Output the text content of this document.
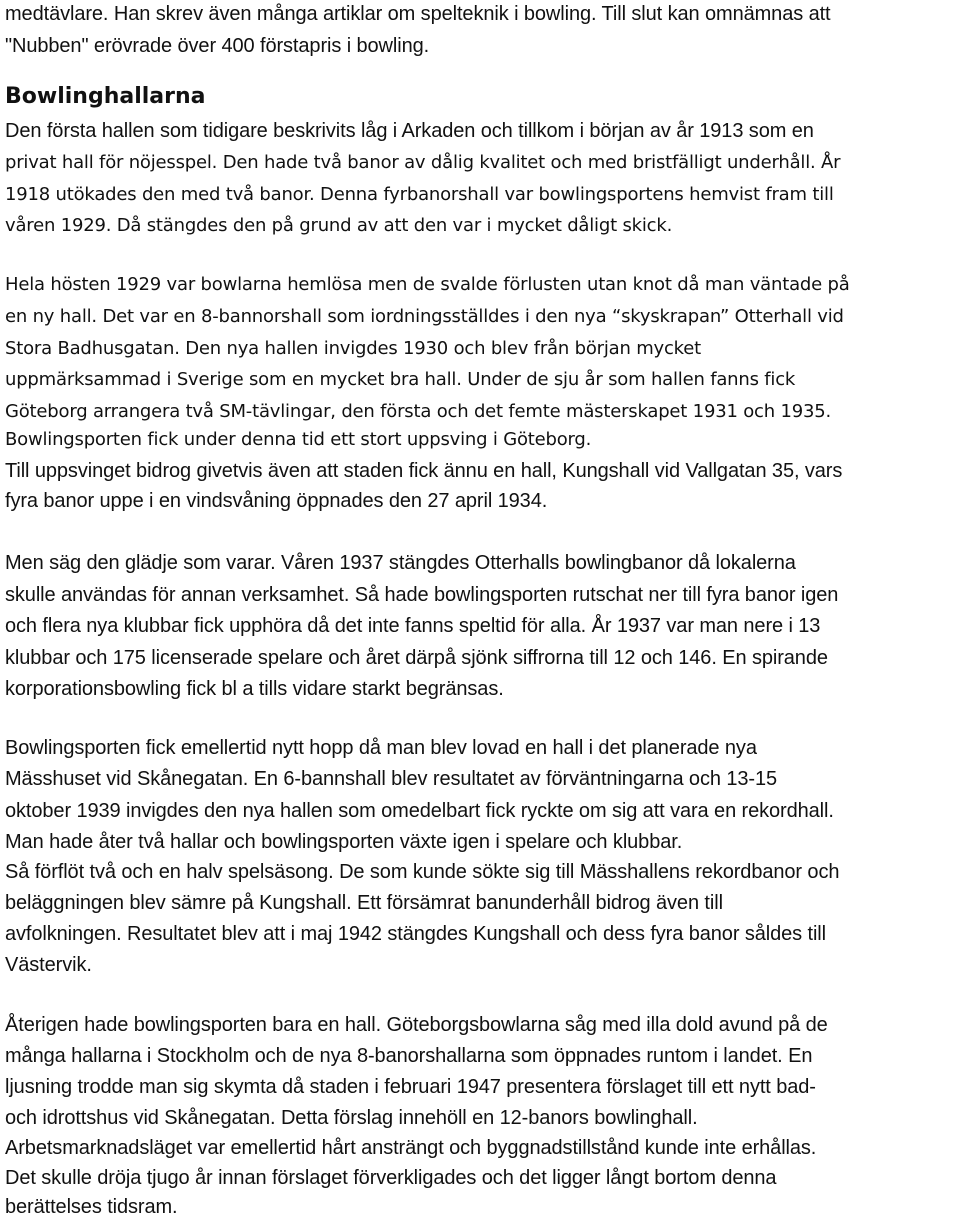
medtävlare. Han skrev även många artiklar om spelteknik i bowling. Till slut kan omnämnas att
"Nubben" erövrade över 400 förstapris i bowling.
Bowlinghallarna
Den första hallen som tidigare beskrivits låg i Arkaden och tillkom i början av år 1913 som en
privat hall för nöjesspel. Den hade två banor av dålig kvalitet och med bristfälligt underhåll. År
1918 utökades den med två banor. Denna fyrbanorshall var bowlingsportens hemvist fram till
våren 1929. Då stängdes den på grund av att den var i mycket dåligt skick.
Hela hösten 1929 var bowlarna hemlösa men de svalde förlusten utan knot då man väntade på
en ny hall. Det var en 8-bannorshall som iordningsställdes i den nya “skyskrapan” Otterhall vid
Stora Badhusgatan. Den nya hallen invigdes 1930 och blev från början mycket
uppmärksammad i Sverige som en mycket bra hall. Under de sju år som hallen fanns fick
Göteborg arrangera två SM-tävlingar, den första och det femte mästerskapet 1931 och 1935.
Bowlingsporten fick under denna tid ett stort uppsving i Göteborg.
Till uppsvinget bidrog givetvis även att staden fick ännu en hall, Kungshall vid Vallgatan 35, vars
fyra banor uppe i en vindsvåning öppnades den 27 april 1934.
Men säg den glädje som varar. Våren 1937 stängdes Otterhalls bowlingbanor då lokalerna
skulle användas för annan verksamhet. Så hade bowlingsporten rutschat ner till fyra banor igen
och flera nya klubbar fick upphöra då det inte fanns speltid för alla. År 1937 var man nere i 13
klubbar och 175 licenserade spelare och året därpå sjönk siffrorna till 12 och 146. En spirande
korporationsbowling fick bl a tills vidare starkt begränsas.
Bowlingsporten fick emellertid nytt hopp då man blev lovad en hall i det planerade nya
Mässhuset vid Skånegatan. En 6-bannshall blev resultatet av förväntningarna och 13-15
oktober 1939 invigdes den nya hallen som omedelbart fick ryckte om sig att vara en rekordhall.
Man hade åter två hallar och bowlingsporten växte igen i spelare och klubbar.
Så förflöt två och en halv spelsäsong. De som kunde sökte sig till Mässhallens rekordbanor och
beläggningen blev sämre på Kungshall. Ett försämrat banunderhåll bidrog även till
avfolkningen. Resultatet blev att i maj 1942 stängdes Kungshall och dess fyra banor såldes till
Västervik.
Återigen hade bowlingsporten bara en hall. Göteborgsbowlarna såg med illa dold avund på de
många hallarna i Stockholm och de nya 8-banorshallarna som öppnades runtom i landet. En
ljusning trodde man sig skymta då staden i februari 1947 presentera förslaget till ett nytt bad-
och idrottshus vid Skånegatan. Detta förslag innehöll en 12-banors bowlinghall.
Arbetsmarknadsläget var emellertid hårt ansträngt och byggnadstillstånd kunde inte erhållas.
Det skulle dröja tjugo år innan förslaget förverkligades och det ligger långt bortom denna
berättelses tidsram.
